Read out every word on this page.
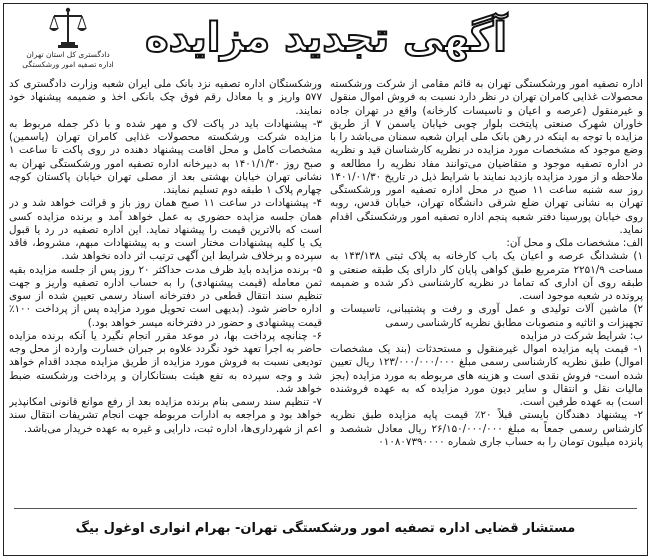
آگهی تجدید مزایده
دادگستری کل استان تهران
اداره تصفیه امور ورشکستگی

اداره تصفیه امور ورشکستگی تهران به قائم مقامی از شرکت ورشکسته محصولات غذایی کامران تهران در نظر دارد نسبت به فروش اموال منقول و غیرمنقول (عرصه و اعیان و تاسیسات کارخانه) واقع در تهران جاده خاوران شهرک صنعتی پایتخت بلوار چوبی خیابان یاسمن ۷ از طریق مزایده با توجه به اینکه در رهن بانک ملی ایران شعبه سمنان می‌باشد را با وضع موجود که مشخصات مورد مزایده در نظریه کارشناسان قید و نظریه در اداره تصفیه موجود و متقاضیان می‌توانند مفاد نظریه را مطالعه و ملاحظه و از مورد مزایده بازدید نمایند با شرایط ذیل در تاریخ ۱۴۰۱/۰۱/۳۰ روز سه شنبه ساعت ۱۱ صبح در محل اداره تصفیه امور ورشکستگی تهران به نشانی تهران ضلع شرقی دانشگاه تهران، خیابان قدس، روبه روی خیابان پورسینا دفتر شعبه پنجم اداره تصفیه امور ورشکستگی اقدام نماید.

الف: مشخصات ملک و محل آن:

۱) ششدانگ عرصه و اعیان یک باب کارخانه به پلاک ثبتی ۱۴۳/۱۳۸ به مساحت ۲۲۵۱/۹ مترمربع طبق کواهی پایان کار دارای یک طبقه صنعتی و طبقه روی آن اداری که تماما در نظریه کارشناسی ذکر شده و ضمیمه پرونده در شعبه موجود است.

۲) ماشین آلات تولیدی و عمل آوری و رفت و پشتیبانی، تاسیسات و تجهیزات و اثاثیه و منصوبات مطابق نظریه کارشناسی رسمی

ب: شرایط شرکت در مزایده

۱- قیمت پایه مزایده اموال غیرمنقول و مستحدثات (بند یک مشخصات اموال) طبق نظریه کارشناسی رسمی مبلغ ۱۲۳/۰۰۰/۰۰۰/۰۰۰ ریال تعیین شده است- فروش نقدی است و هزینه های مربوطه به مورد مزایده (بجز مالیات نقل و انتقال و سایر دیون مورد مزایده که به عهده فروشنده است) به عهده طرفین است.

۲- پیشنهاد دهندگان بایستی قبلاً ۲۰٪ قیمت پایه مزایده طبق نظریه کارشناس رسمی جمعاً به مبلغ ۲۶/۱۵۰/۰۰۰/۰۰۰ ریال معادل ششصد و پانزده میلیون تومان را به حساب جاری شماره ۰۱۰۸۰۷۳۹۰۰۰۰

ورشکستگان اداره تصفیه نزد بانک ملی ایران شعبه وزارت دادگستری کد ۵۷۷ واریز و یا معادل رقم فوق چک بانکی اخذ و ضمیمه پیشنهاد خود نمایند.

۳- پیشنهادات باید در پاکت لاک و مهر شده و با ذکر جمله مربوط به مزایده شرکت ورشکسته محصولات غذایی کامران تهران (یاسمین) مشخصات کامل و محل اقامت پیشنهاد دهنده در روی پاکت تا ساعت ۱ صبح روز ۱۴۰۱/۱/۳۰ به دبیرخانه اداره تصفیه امور ورشکستگی تهران به نشانی تهران خیابان بهشتی بعد از مصلی تهران خیابان پاکستان کوچه چهارم پلاک ۱ طبقه دوم تسلیم نمایند.

۴- پیشنهادات در ساعت ۱۱ صبح همان روز باز و قرائت خواهد شد و در همان جلسه مزایده حضوری به عمل خواهد آمد و برنده مزایده کسی است که بالاترین قیمت را پیشنهاد نماید. این اداره تصفیه در رد یا قبول یک یا کلیه پیشنهادات مختار است و به پیشنهادات مبهم، مشروط، فاقد سپرده و برخلاف شرایط این آگهی ترتیب اثر داده نخواهد شد.

۵- برنده مزایده باید ظرف مدت حداکثر ۲۰ روز پس از جلسه مزایده بقیه ثمن معامله (قیمت پیشنهادی) را به حساب اداره تصفیه واریز و جهت تنظیم سند انتقال قطعی در دفترخانه اسناد رسمی تعیین شده از سوی اداره حاضر شود. (بدیهی است تحویل مورد مزایده پس از پرداخت ۱۰۰٪ قیمت پیشنهادی و حضور در دفترخانه میسر خواهد بود.)

۶- چنانچه پرداخت بها، در موعد مقرر انجام نگیرد یا آنکه برنده مزایده حاضر به اجرا تعهد خود نگردد علاوه بر جبران خسارت وارده از محل وجه تودیعی نسبت به فروش مورد مزایده از طریق مزایده مجدد اقدام خواهد شد و وجه سپرده به نفع هیئت بستانکاران و پرداخت ورشکسته ضبط خواهد شد.

۷- تنظیم سند رسمی بنام برنده مزایده بعد از رفع موانع قانونی امکانپذیر خواهد بود و مراجعه به ادارات مربوطه جهت انجام تشریفات انتقال سند اعم از شهرداری‌ها، اداره ثبت، دارایی و غیره به عهده خریدار می‌باشد.

مستشار قضایی اداره تصفیه امور ورشکستگی تهران- بهرام انواری اوغول بیگ
